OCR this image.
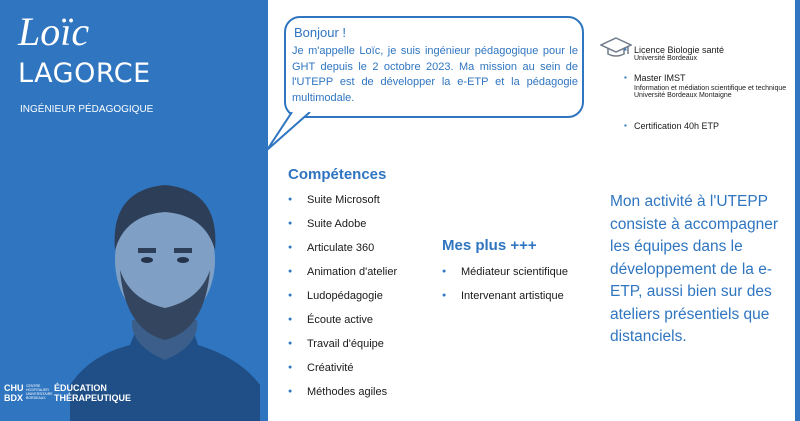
Loïc
LAGORCE
INGÉNIEUR PÉDAGOGIQUE
CHU
BDX
CENTRE HOSPITALIER UNIVERSITAIRE BORDEAUX
ÉDUCATION
THÉRAPEUTIQUE
Bonjour !
Je m'appelle Loïc, je suis ingénieur pédagogique pour le GHT depuis le 2 octobre 2023. Ma mission au sein de l'UTEPP est de développer la e-ETP et la pédagogie multimodale.
▪ Licence Biologie santé
Université Bordeaux
▪ Master IMST
Information et médiation scientifique et technique
Université Bordeaux Montaigne
▪ Certification 40h ETP
Compétences
● Suite Microsoft
● Suite Adobe
● Articulate 360
● Animation d'atelier
● Ludopédagogie
● Écoute active
● Travail d'équipe
● Créativité
● Méthodes agiles
Mes plus +++
● Médiateur scientifique
● Intervenant artistique
Mon activité à l'UTEPP consiste à accompagner les équipes dans le développement de la e-ETP, aussi bien sur des ateliers présentiels que distanciels.
